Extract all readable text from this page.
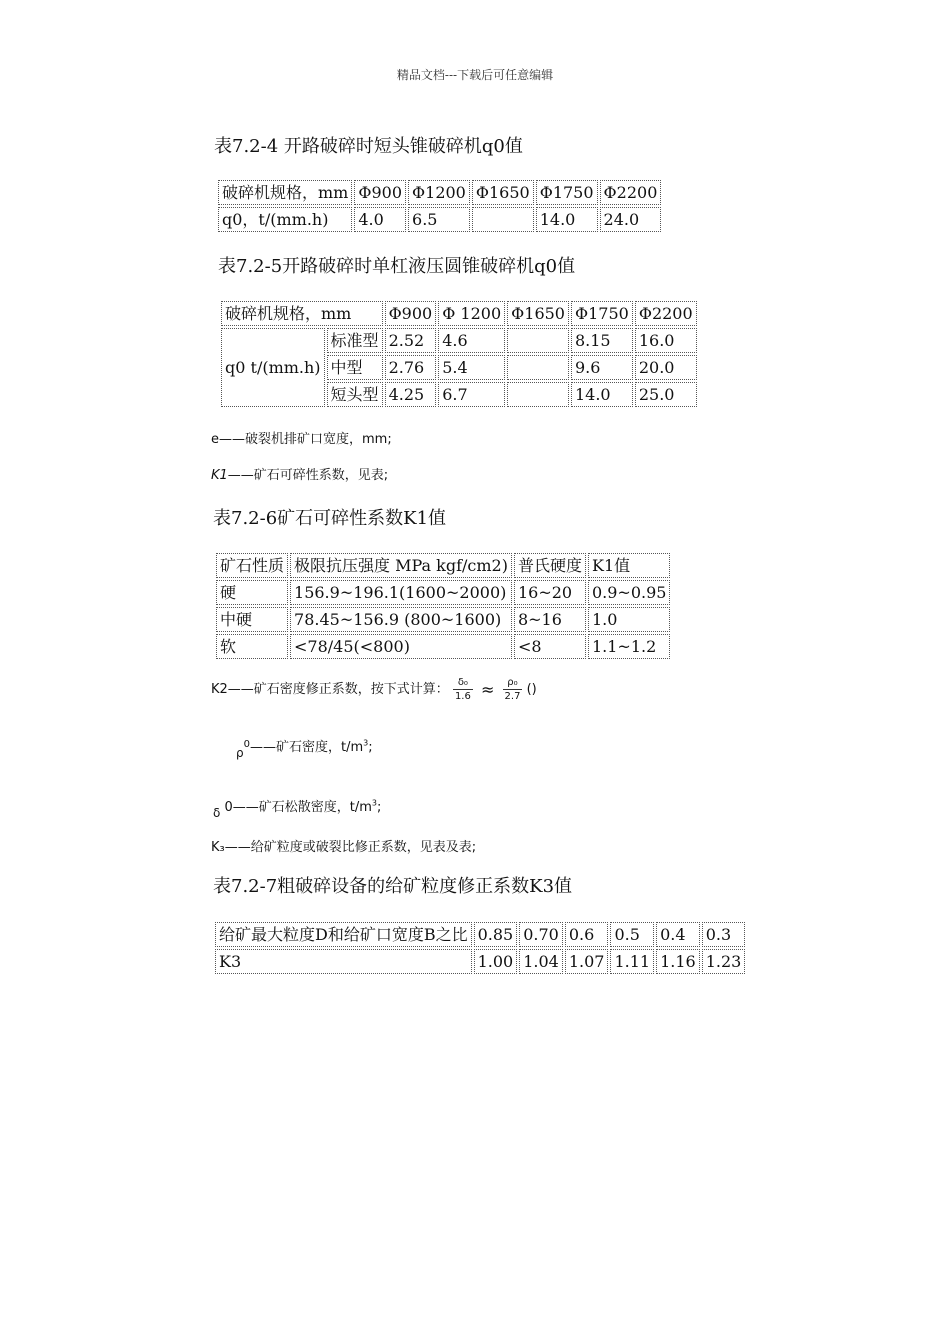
精品文档---下载后可任意编辑
表7.2-4 开路破碎时短头锥破碎机q0值
破碎机规格，mm	Φ900	Φ1200	Φ1650	Φ1750	Φ2200
q0，t/(mm.h)	4.0	6.5		14.0	24.0
表7.2-5开路破碎时单杠液压圆锥破碎机q0值
破碎机规格，mm		Φ900	Φ 1200	Φ1650	Φ1750	Φ2200
q0 t/(mm.h)	标准型	2.52	4.6		8.15	16.0
	中型	2.76	5.4		9.6	20.0
	短头型	4.25	6.7		14.0	25.0
e——破裂机排矿口宽度，mm;
K1——矿石可碎性系数，见表;
表7.2-6矿石可碎性系数K1值
矿石性质	极限抗压强度 MPa kgf/cm2)	普氏硬度	K1值
硬	156.9~196.1(1600~2000)	16~20	0.9~0.95
中硬	78.45~156.9 (800~1600)	8~16	1.0
软	<78/45(<800)	<8	1.1~1.2
K2——矿石密度修正系数，按下式计算： $\frac{\text{δ₀}}{1.6} \approx \frac{\text{ρ₀}}{2.7}$ ()
$\rho^0——$矿石密度，$t/m^3$;
δ 0——矿石松散密度，$t/m^3$;
K₃——给矿粒度或破裂比修正系数，见表及表;
表7.2-7粗破碎设备的给矿粒度修正系数K3值
给矿最大粒度D和给矿口宽度B之比	0.85	0.70	0.6	0.5	0.4	0.3
K3	1.00	1.04	1.07	1.11	1.16	1.23
